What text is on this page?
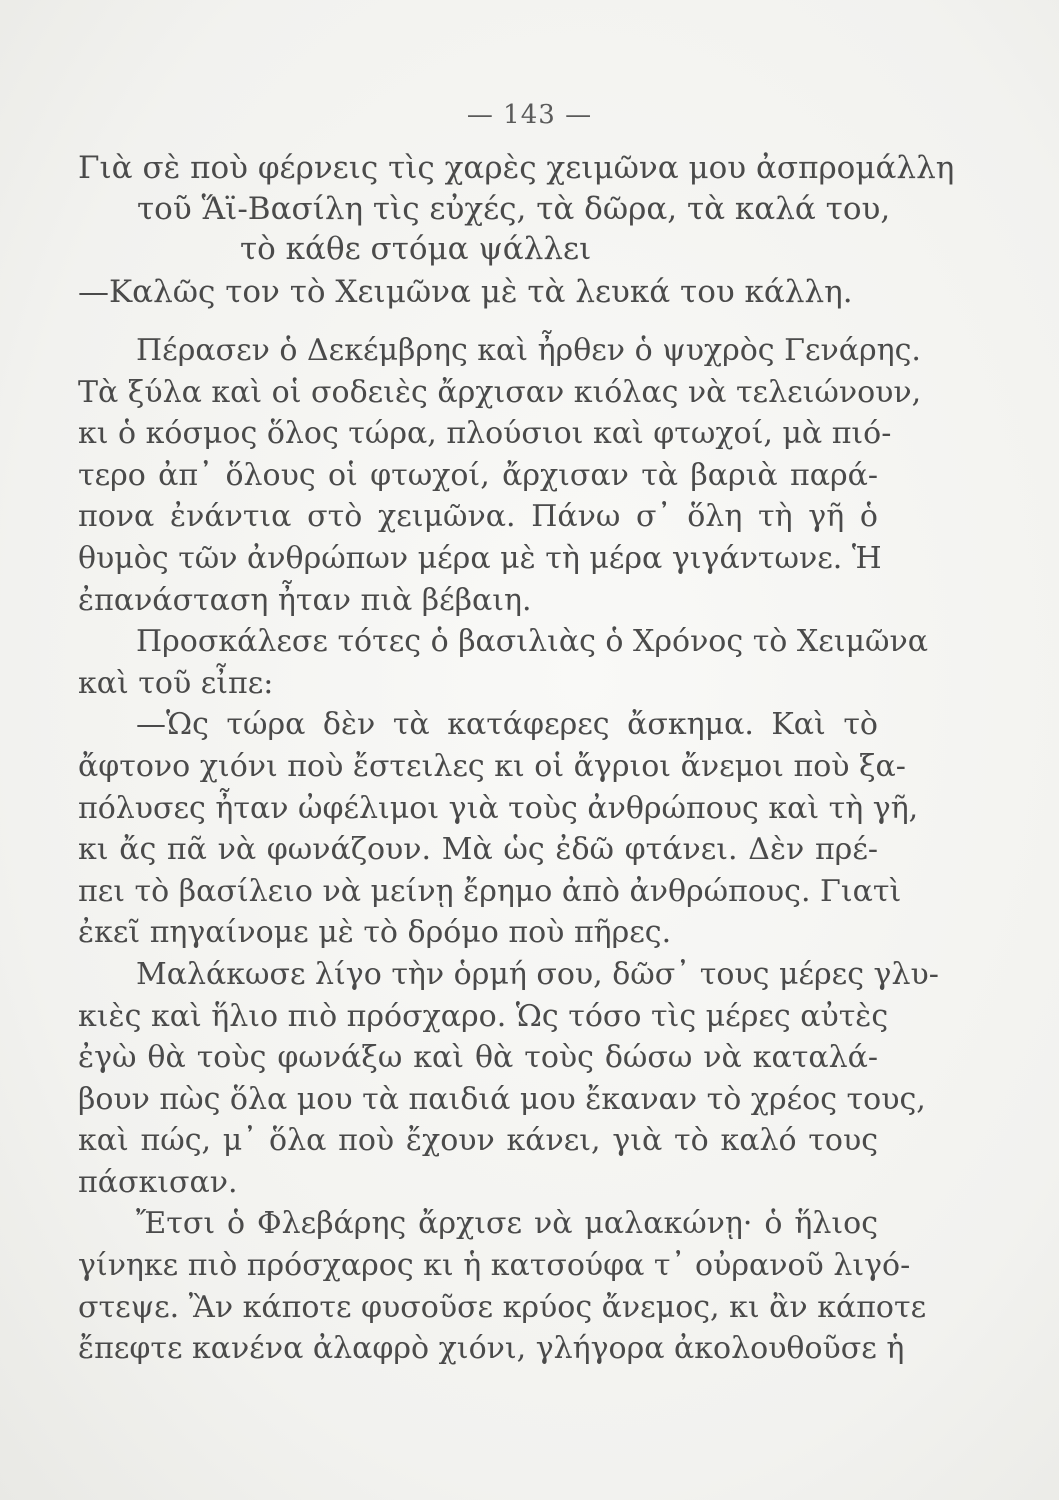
— 143 —
Γιὰ σὲ ποὺ φέρνεις τὶς χαρὲς χειμῶνα μου ἀσπρομάλλη
τοῦ Ἅϊ-Βασίλη τὶς εὐχές, τὰ δῶρα, τὰ καλά του,
τὸ κάθε στόμα ψάλλει
—Καλῶς τον τὸ Χειμῶνα μὲ τὰ λευκά του κάλλη.
Πέρασεν ὁ Δεκέμβρης καὶ ἦρθεν ὁ ψυχρὸς Γενάρης.
Τὰ ξύλα καὶ οἱ σοδειὲς ἄρχισαν κιόλας νὰ τελειώνουν,
κι ὁ κόσμος ὅλος τώρα, πλούσιοι καὶ φτωχοί, μὰ πιό-
τερο ἀπ᾽ ὅλους οἱ φτωχοί, ἄρχισαν τὰ βαριὰ παρά-
πονα ἐνάντια στὸ χειμῶνα. Πάνω σ᾽ ὅλη τὴ γῆ ὁ
θυμὸς τῶν ἀνθρώπων μέρα μὲ τὴ μέρα γιγάντωνε. Ἡ
ἐπανάσταση ἦταν πιὰ βέβαιη.
Προσκάλεσε τότες ὁ βασιλιὰς ὁ Χρόνος τὸ Χειμῶνα
καὶ τοῦ εἶπε:
—Ὡς τώρα δὲν τὰ κατάφερες ἄσκημα. Καὶ τὸ
ἄφτονο χιόνι ποὺ ἔστειλες κι οἱ ἄγριοι ἄνεμοι ποὺ ξα-
πόλυσες ἦταν ὠφέλιμοι γιὰ τοὺς ἀνθρώπους καὶ τὴ γῆ,
κι ἄς πᾶ νὰ φωνάζουν. Μὰ ὡς ἐδῶ φτάνει. Δὲν πρέ-
πει τὸ βασίλειο νὰ μείνῃ ἔρημο ἀπὸ ἀνθρώπους. Γιατὶ
ἐκεῖ πηγαίνομε μὲ τὸ δρόμο ποὺ πῆρες.
Μαλάκωσε λίγο τὴν ὁρμή σου, δῶσ᾽ τους μέρες γλυ-
κιὲς καὶ ἥλιο πιὸ πρόσχαρο. Ὡς τόσο τὶς μέρες αὐτὲς
ἐγὼ θὰ τοὺς φωνάξω καὶ θὰ τοὺς δώσω νὰ καταλά-
βουν πὼς ὅλα μου τὰ παιδιά μου ἔκαναν τὸ χρέος τους,
καὶ πώς, μ᾽ ὅλα ποὺ ἔχουν κάνει, γιὰ τὸ καλό τους
πάσκισαν.
Ἔτσι ὁ Φλεβάρης ἄρχισε νὰ μαλακώνῃ· ὁ ἥλιος
γίνηκε πιὸ πρόσχαρος κι ἡ κατσούφα τ᾽ οὐρανοῦ λιγό-
στεψε. Ἂν κάποτε φυσοῦσε κρύος ἄνεμος, κι ἂν κάποτε
ἔπεφτε κανένα ἀλαφρὸ χιόνι, γλήγορα ἀκολουθοῦσε ἡ
